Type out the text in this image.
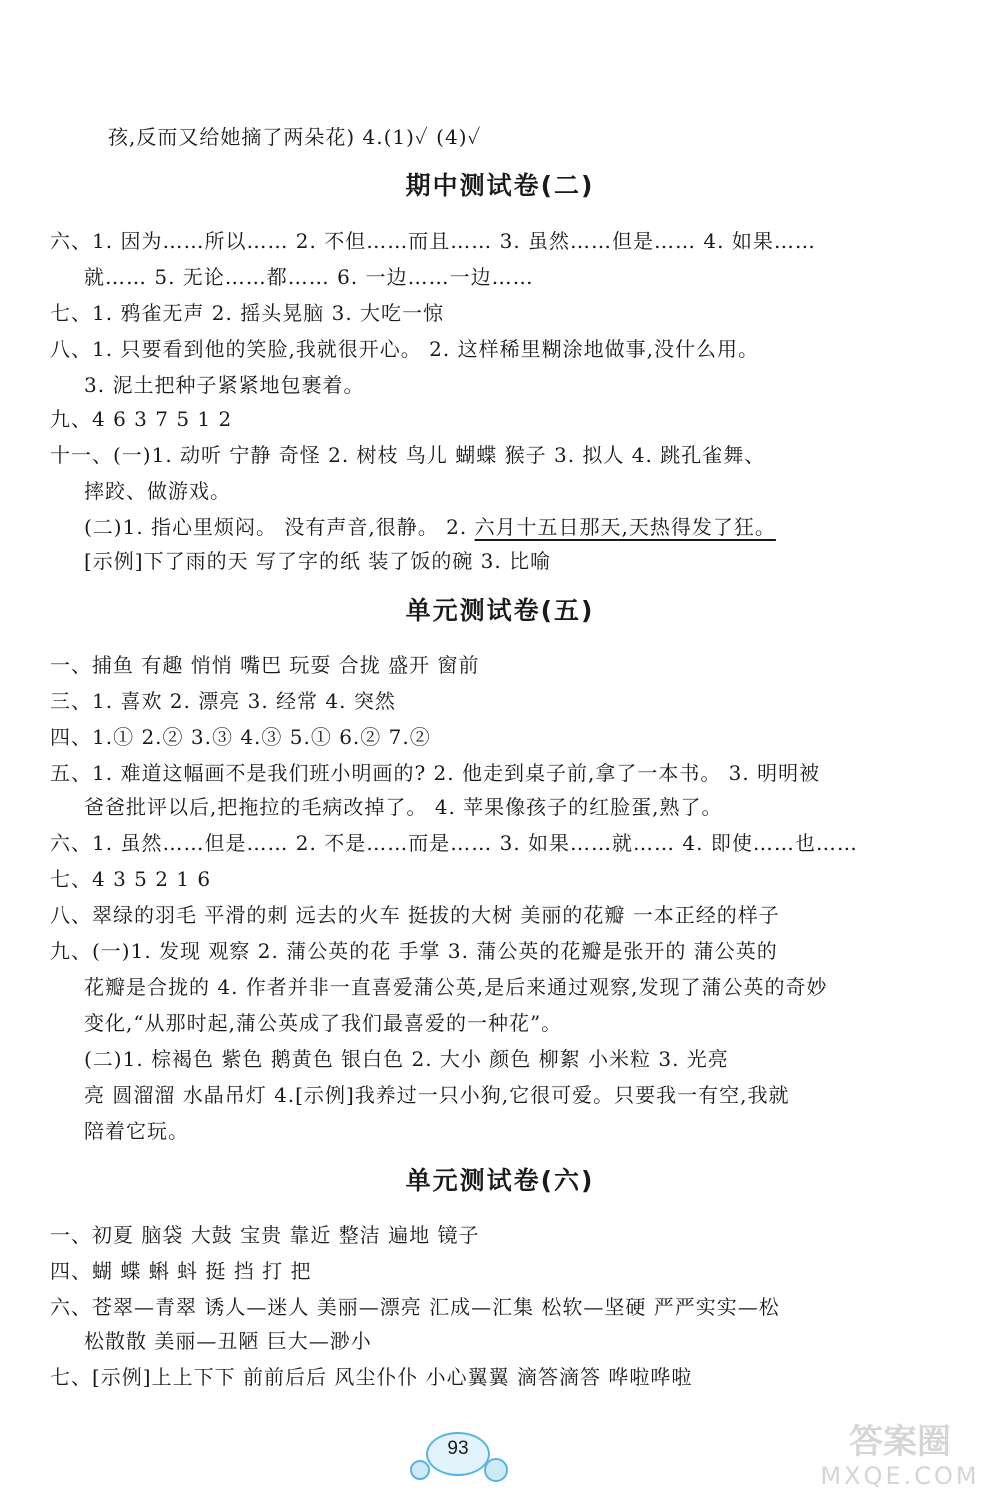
孩,反而又给她摘了两朵花) 4.(1)✓ (4)✓
期中测试卷(二)
六、1. 因为……所以…… 2. 不但……而且…… 3. 虽然……但是…… 4. 如果……
就…… 5. 无论……都…… 6. 一边……一边……
七、1. 鸦雀无声 2. 摇头晃脑 3. 大吃一惊
八、1. 只要看到他的笑脸,我就很开心。 2. 这样稀里糊涂地做事,没什么用。
3. 泥土把种子紧紧地包裹着。
九、4 6 3 7 5 1 2
十一、(一)1. 动听 宁静 奇怪 2. 树枝 鸟儿 蝴蝶 猴子 3. 拟人 4. 跳孔雀舞、
摔跤、做游戏。
(二)1. 指心里烦闷。 没有声音,很静。 2. 六月十五日那天,天热得发了狂。
[示例]下了雨的天 写了字的纸 装了饭的碗 3. 比喻
单元测试卷(五)
一、捕鱼 有趣 悄悄 嘴巴 玩耍 合拢 盛开 窗前
三、1. 喜欢 2. 漂亮 3. 经常 4. 突然
四、1.① 2.② 3.③ 4.③ 5.① 6.② 7.②
五、1. 难道这幅画不是我们班小明画的? 2. 他走到桌子前,拿了一本书。 3. 明明被
爸爸批评以后,把拖拉的毛病改掉了。 4. 苹果像孩子的红脸蛋,熟了。
六、1. 虽然……但是…… 2. 不是……而是…… 3. 如果……就…… 4. 即使……也……
七、4 3 5 2 1 6
八、翠绿的羽毛 平滑的刺 远去的火车 挺拔的大树 美丽的花瓣 一本正经的样子
九、(一)1. 发现 观察 2. 蒲公英的花 手掌 3. 蒲公英的花瓣是张开的 蒲公英的
花瓣是合拢的 4. 作者并非一直喜爱蒲公英,是后来通过观察,发现了蒲公英的奇妙
变化,“从那时起,蒲公英成了我们最喜爱的一种花”。
(二)1. 棕褐色 紫色 鹅黄色 银白色 2. 大小 颜色 柳絮 小米粒 3. 光亮
亮 圆溜溜 水晶吊灯 4.[示例]我养过一只小狗,它很可爱。只要我一有空,我就
陪着它玩。
单元测试卷(六)
一、初夏 脑袋 大鼓 宝贵 靠近 整洁 遍地 镜子
四、蝴 蝶 蝌 蚪 挺 挡 打 把
六、苍翠—青翠 诱人—迷人 美丽—漂亮 汇成—汇集 松软—坚硬 严严实实—松
松散散 美丽—丑陋 巨大—渺小
七、[示例]上上下下 前前后后 风尘仆仆 小心翼翼 滴答滴答 哗啦哗啦
93	答案圈
MXQE.COM
